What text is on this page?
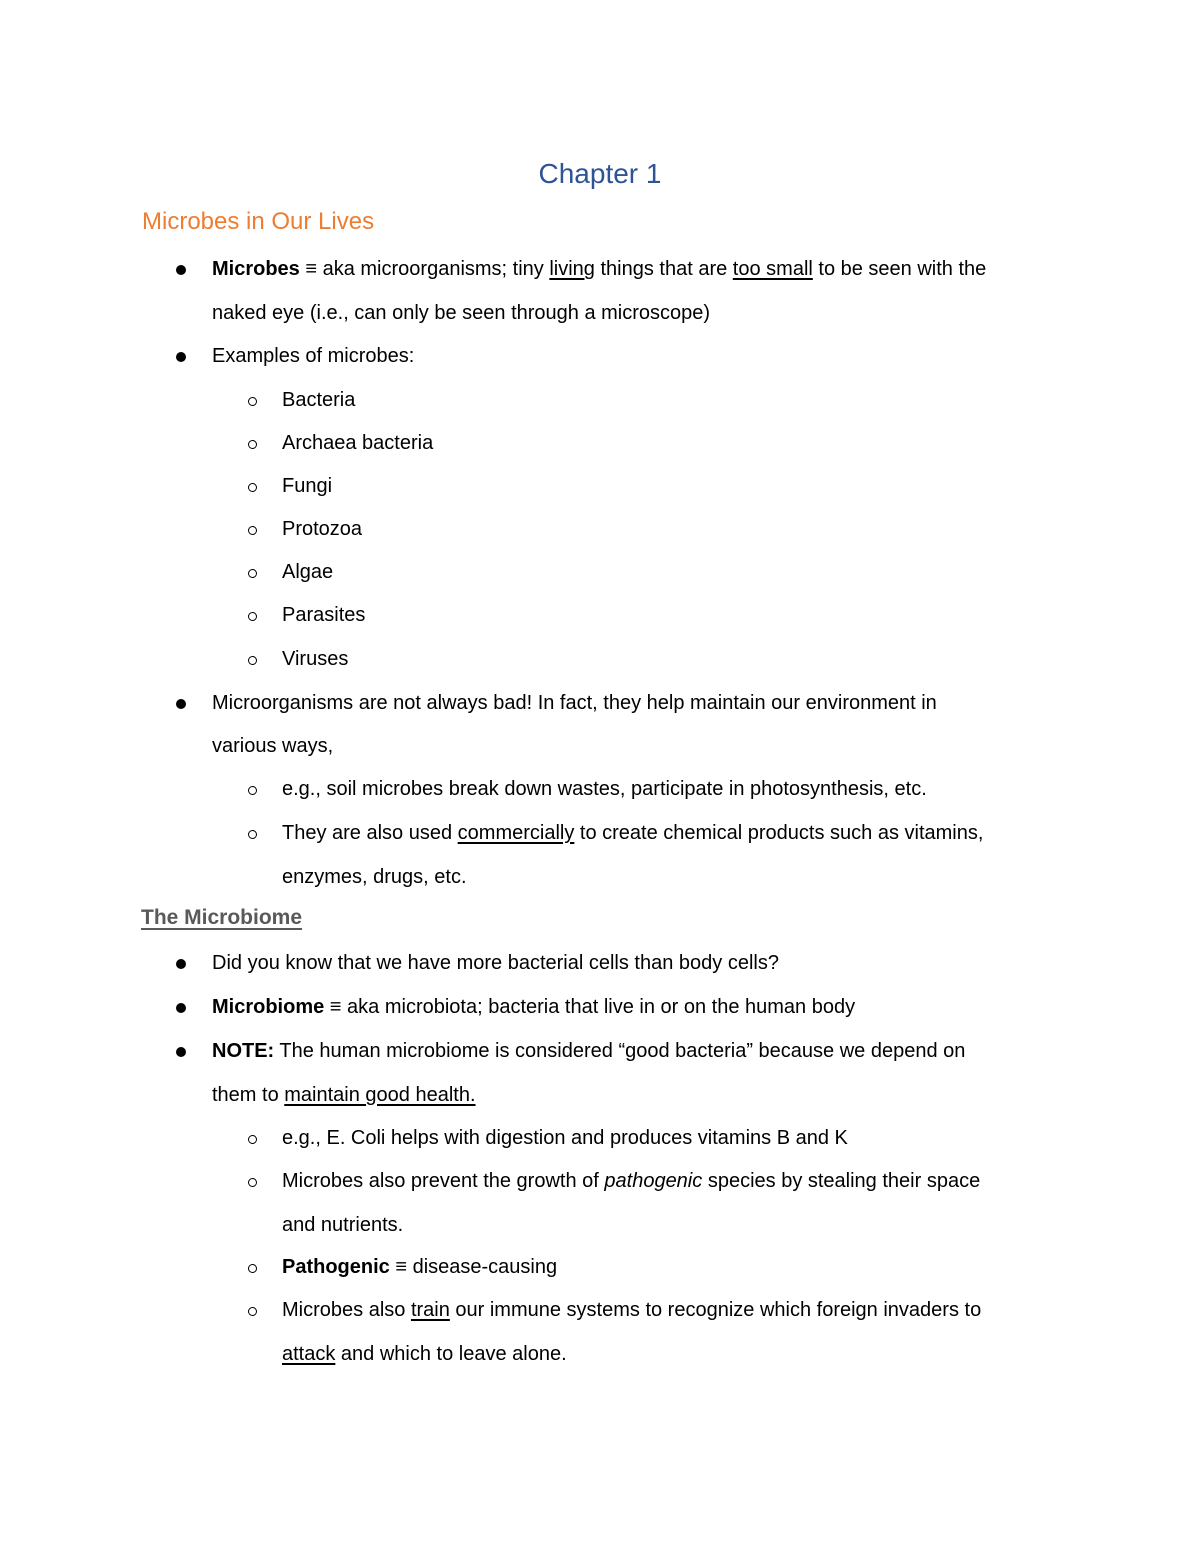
Chapter 1
Microbes in Our Lives
Microbes ≡ aka microorganisms; tiny living things that are too small to be seen with the
naked eye (i.e., can only be seen through a microscope)
Examples of microbes:
Bacteria
Archaea bacteria
Fungi
Protozoa
Algae
Parasites
Viruses
Microorganisms are not always bad! In fact, they help maintain our environment in
various ways,
e.g., soil microbes break down wastes, participate in photosynthesis, etc.
They are also used commercially to create chemical products such as vitamins,
enzymes, drugs, etc.
The Microbiome
Did you know that we have more bacterial cells than body cells?
Microbiome ≡ aka microbiota; bacteria that live in or on the human body
NOTE: The human microbiome is considered “good bacteria” because we depend on
them to maintain good health.
e.g., E. Coli helps with digestion and produces vitamins B and K
Microbes also prevent the growth of pathogenic species by stealing their space
and nutrients.
Pathogenic ≡ disease-causing
Microbes also train our immune systems to recognize which foreign invaders to
attack and which to leave alone.
